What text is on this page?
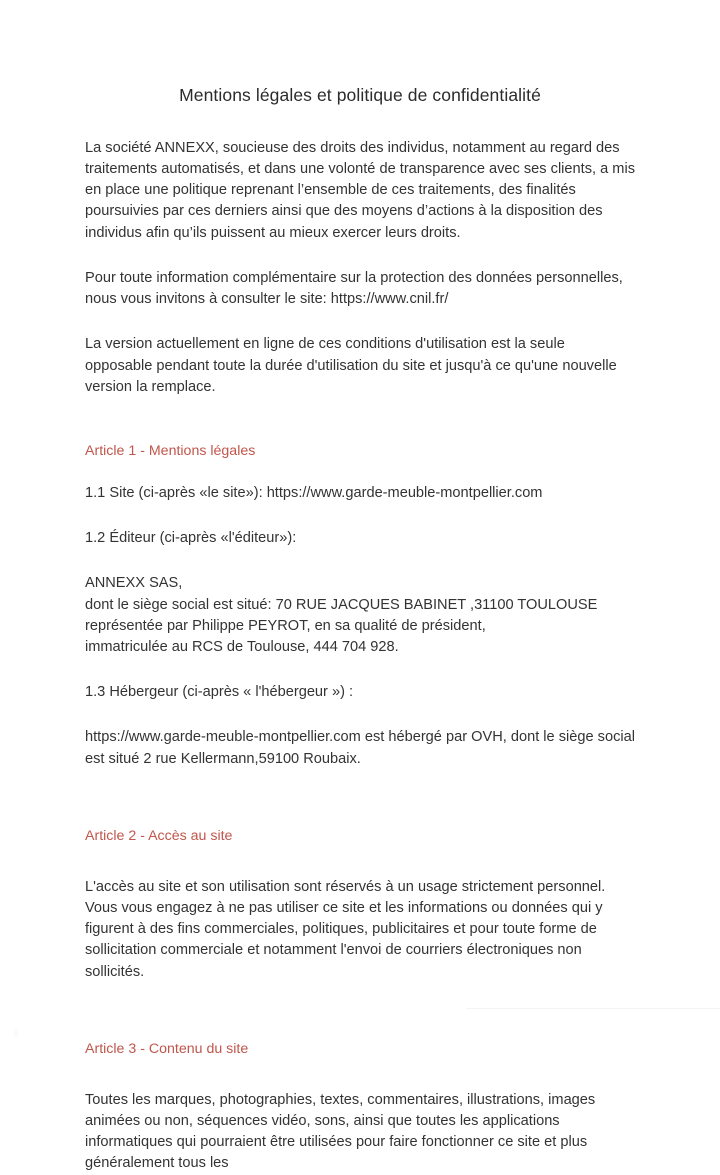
Mentions légales et politique de confidentialité

La société ANNEXX, soucieuse des droits des individus, notamment au regard des traitements automatisés, et dans une volonté de transparence avec ses clients, a mis en place une politique reprenant l’ensemble de ces traitements, des finalités poursuivies par ces derniers ainsi que des moyens d’actions à la disposition des individus afin qu’ils puissent au mieux exercer leurs droits.

Pour toute information complémentaire sur la protection des données personnelles, nous vous invitons à consulter le site: https://www.cnil.fr/

La version actuellement en ligne de ces conditions d'utilisation est la seule opposable pendant toute la durée d'utilisation du site et jusqu'à ce qu'une nouvelle version la remplace.

Article 1 - Mentions légales

1.1 Site (ci-après «le site»): https://www.garde-meuble-montpellier.com

1.2 Éditeur (ci-après «l'éditeur»):

ANNEXX SAS,
dont le siège social est situé: 70 RUE JACQUES BABINET ,31100 TOULOUSE
représentée par Philippe PEYROT, en sa qualité de président,
immatriculée au RCS de Toulouse, 444 704 928.

1.3 Hébergeur (ci-après « l'hébergeur ») :

https://www.garde-meuble-montpellier.com est hébergé par OVH, dont le siège social est situé 2 rue Kellermann,59100 Roubaix.

Article 2 - Accès au site

L'accès au site et son utilisation sont réservés à un usage strictement personnel. Vous vous engagez à ne pas utiliser ce site et les informations ou données qui y figurent à des fins commerciales, politiques, publicitaires et pour toute forme de sollicitation commerciale et notamment l'envoi de courriers électroniques non sollicités.

Article 3 - Contenu du site

Toutes les marques, photographies, textes, commentaires, illustrations, images animées ou non, séquences vidéo, sons, ainsi que toutes les applications informatiques qui pourraient être utilisées pour faire fonctionner ce site et plus généralement tous les
